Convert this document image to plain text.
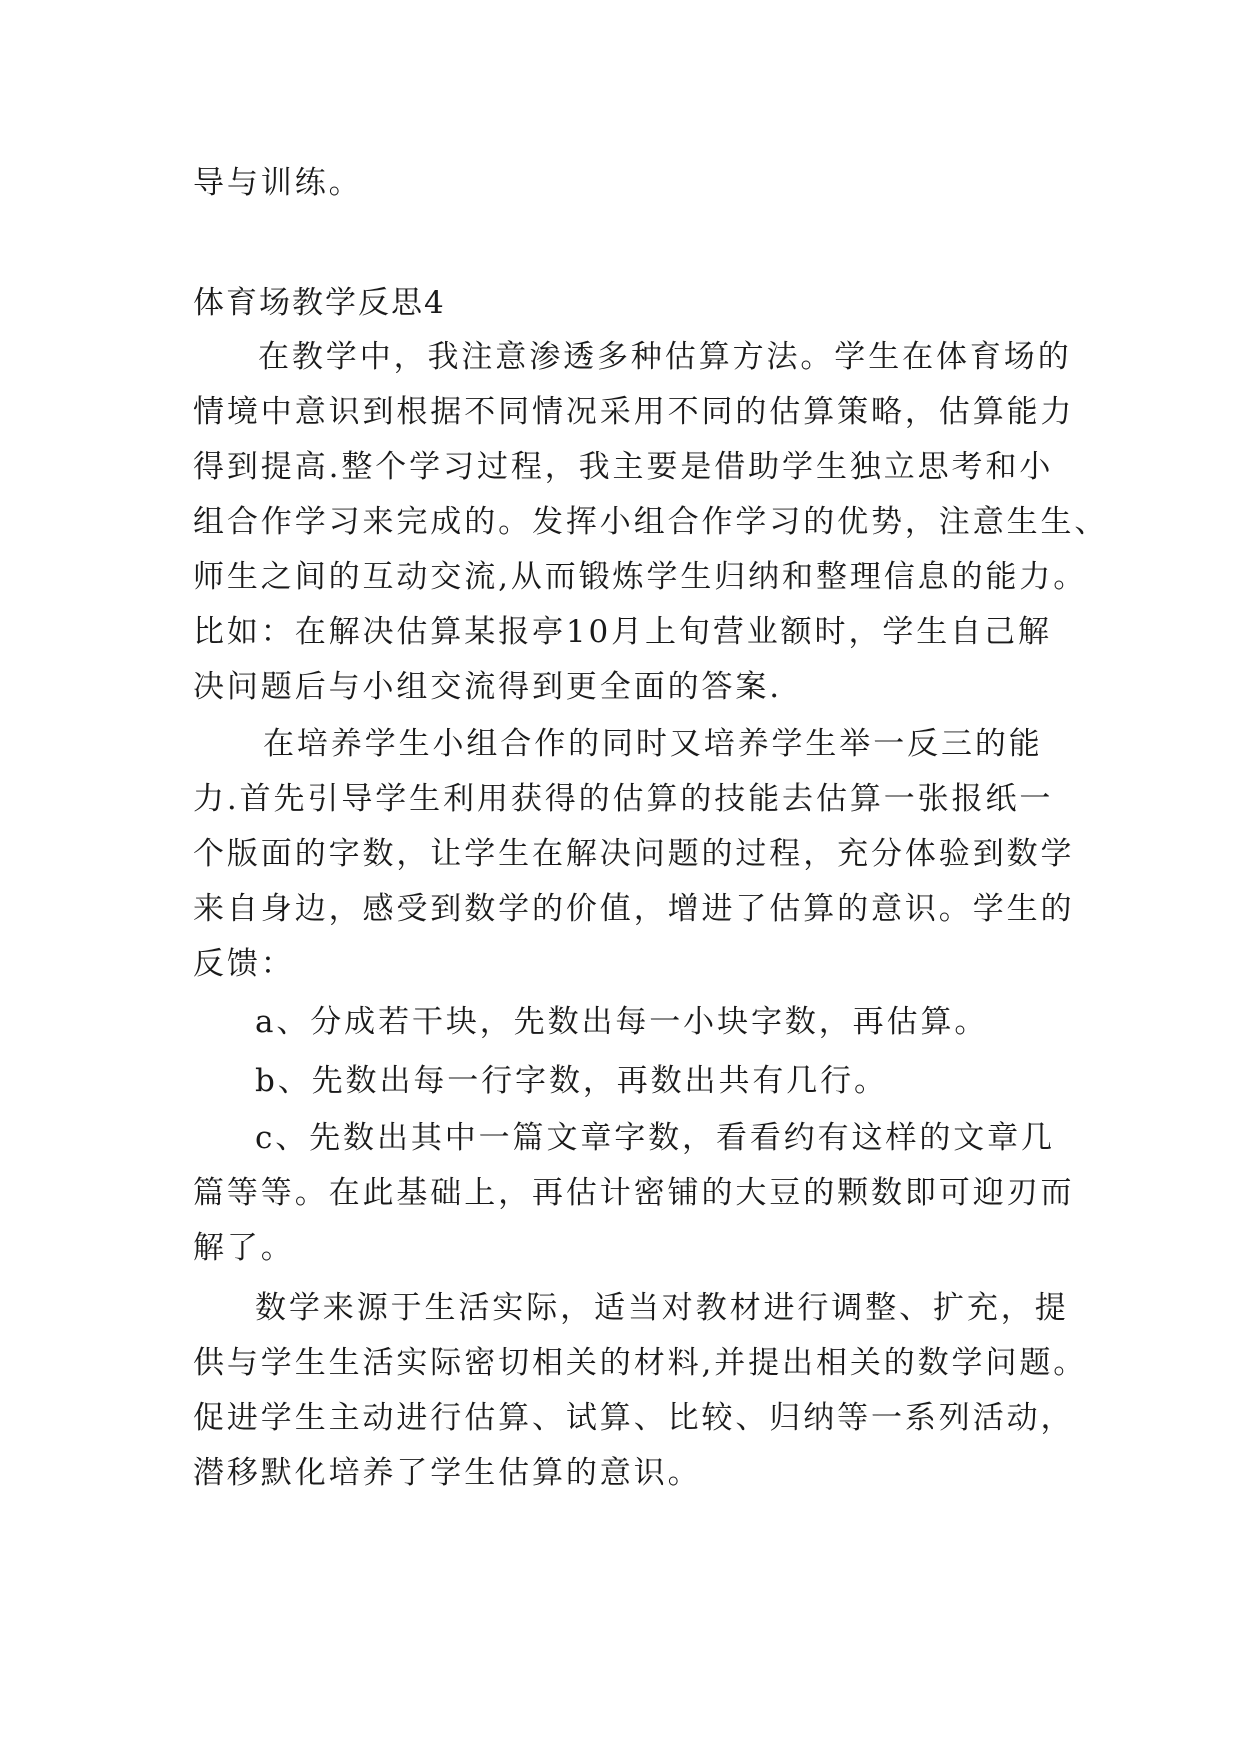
导与训练。
体育场教学反思4
在教学中，我注意渗透多种估算方法。学生在体育场的
情境中意识到根据不同情况采用不同的估算策略，估算能力
得到提高.整个学习过程，我主要是借助学生独立思考和小
组合作学习来完成的。发挥小组合作学习的优势，注意生生、
师生之间的互动交流,从而锻炼学生归纳和整理信息的能力。
比如：在解决估算某报亭10月上旬营业额时，学生自己解
决问题后与小组交流得到更全面的答案.
在培养学生小组合作的同时又培养学生举一反三的能
力.首先引导学生利用获得的估算的技能去估算一张报纸一
个版面的字数，让学生在解决问题的过程，充分体验到数学
来自身边，感受到数学的价值，增进了估算的意识。学生的
反馈：
a、分成若干块，先数出每一小块字数，再估算。
b、先数出每一行字数，再数出共有几行。
c、先数出其中一篇文章字数，看看约有这样的文章几
篇等等。在此基础上，再估计密铺的大豆的颗数即可迎刃而
解了。
数学来源于生活实际，适当对教材进行调整、扩充，提
供与学生生活实际密切相关的材料,并提出相关的数学问题。
促进学生主动进行估算、试算、比较、归纳等一系列活动，
潜移默化培养了学生估算的意识。
